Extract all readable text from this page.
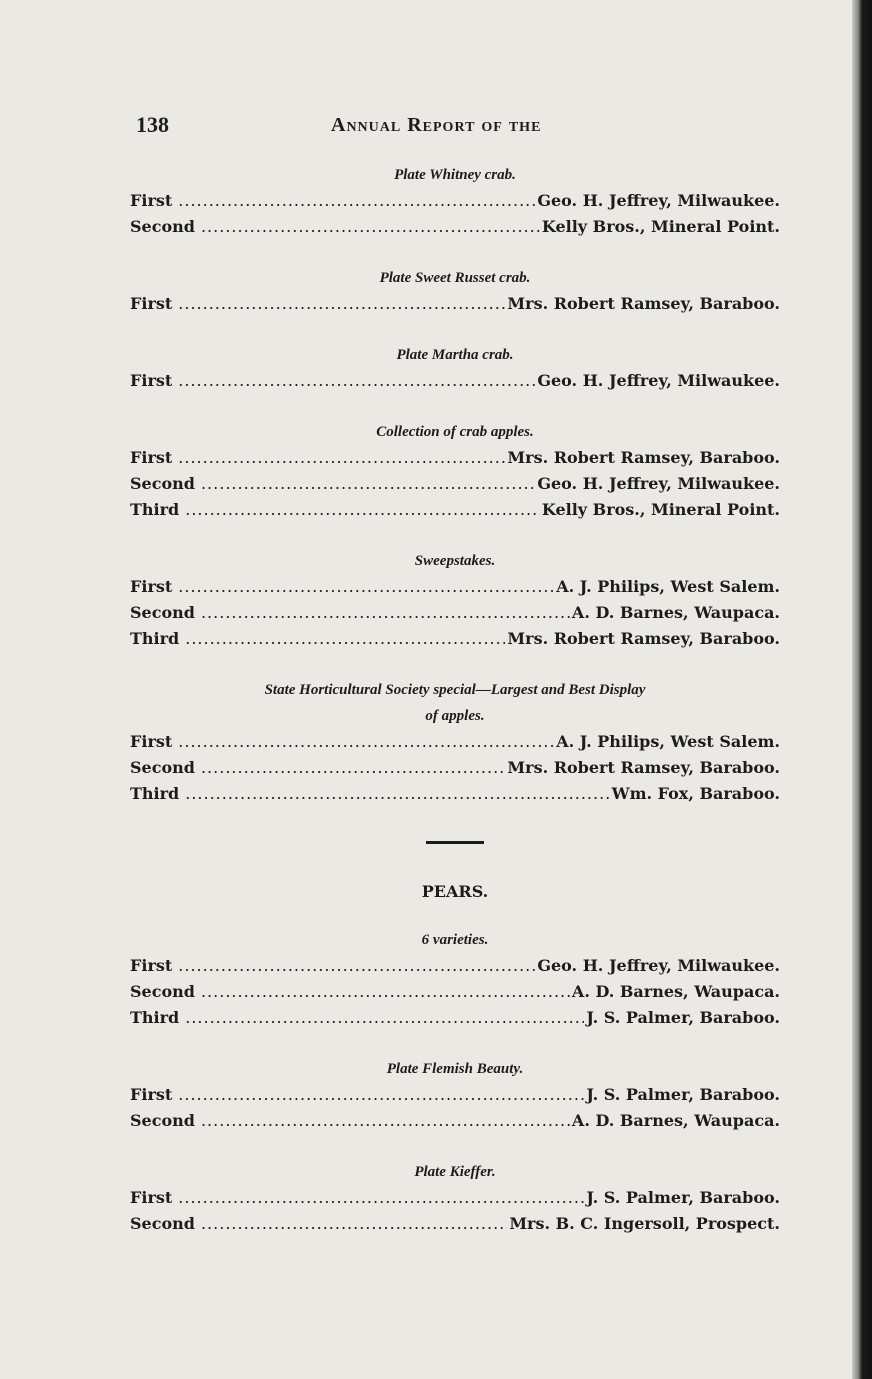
138	Annual Report of the
Plate Whitney crab.
First .....	Geo. H. Jeffrey, Milwaukee.
Second .....	Kelly Bros., Mineral Point.
Plate Sweet Russet crab.
First .....	Mrs. Robert Ramsey, Baraboo.
Plate Martha crab.
First .....	Geo. H. Jeffrey, Milwaukee.
Collection of crab apples.
First .....	Mrs. Robert Ramsey, Baraboo.
Second .....	Geo. H. Jeffrey, Milwaukee.
Third .....	Kelly Bros., Mineral Point.
Sweepstakes.
First .....	A. J. Philips, West Salem.
Second .....	A. D. Barnes, Waupaca.
Third .....	Mrs. Robert Ramsey, Baraboo.
State Horticultural Society special—Largest and Best Display
of apples.
First .....	A. J. Philips, West Salem.
Second .....	Mrs. Robert Ramsey, Baraboo.
Third .....	Wm. Fox, Baraboo.
PEARS.
6 varieties.
First .....	Geo. H. Jeffrey, Milwaukee.
Second .....	A. D. Barnes, Waupaca.
Third .....	J. S. Palmer, Baraboo.
Plate Flemish Beauty.
First .....	J. S. Palmer, Baraboo.
Second .....	A. D. Barnes, Waupaca.
Plate Kieffer.
First .....	J. S. Palmer, Baraboo.
Second .....	Mrs. B. C. Ingersoll, Prospect.
